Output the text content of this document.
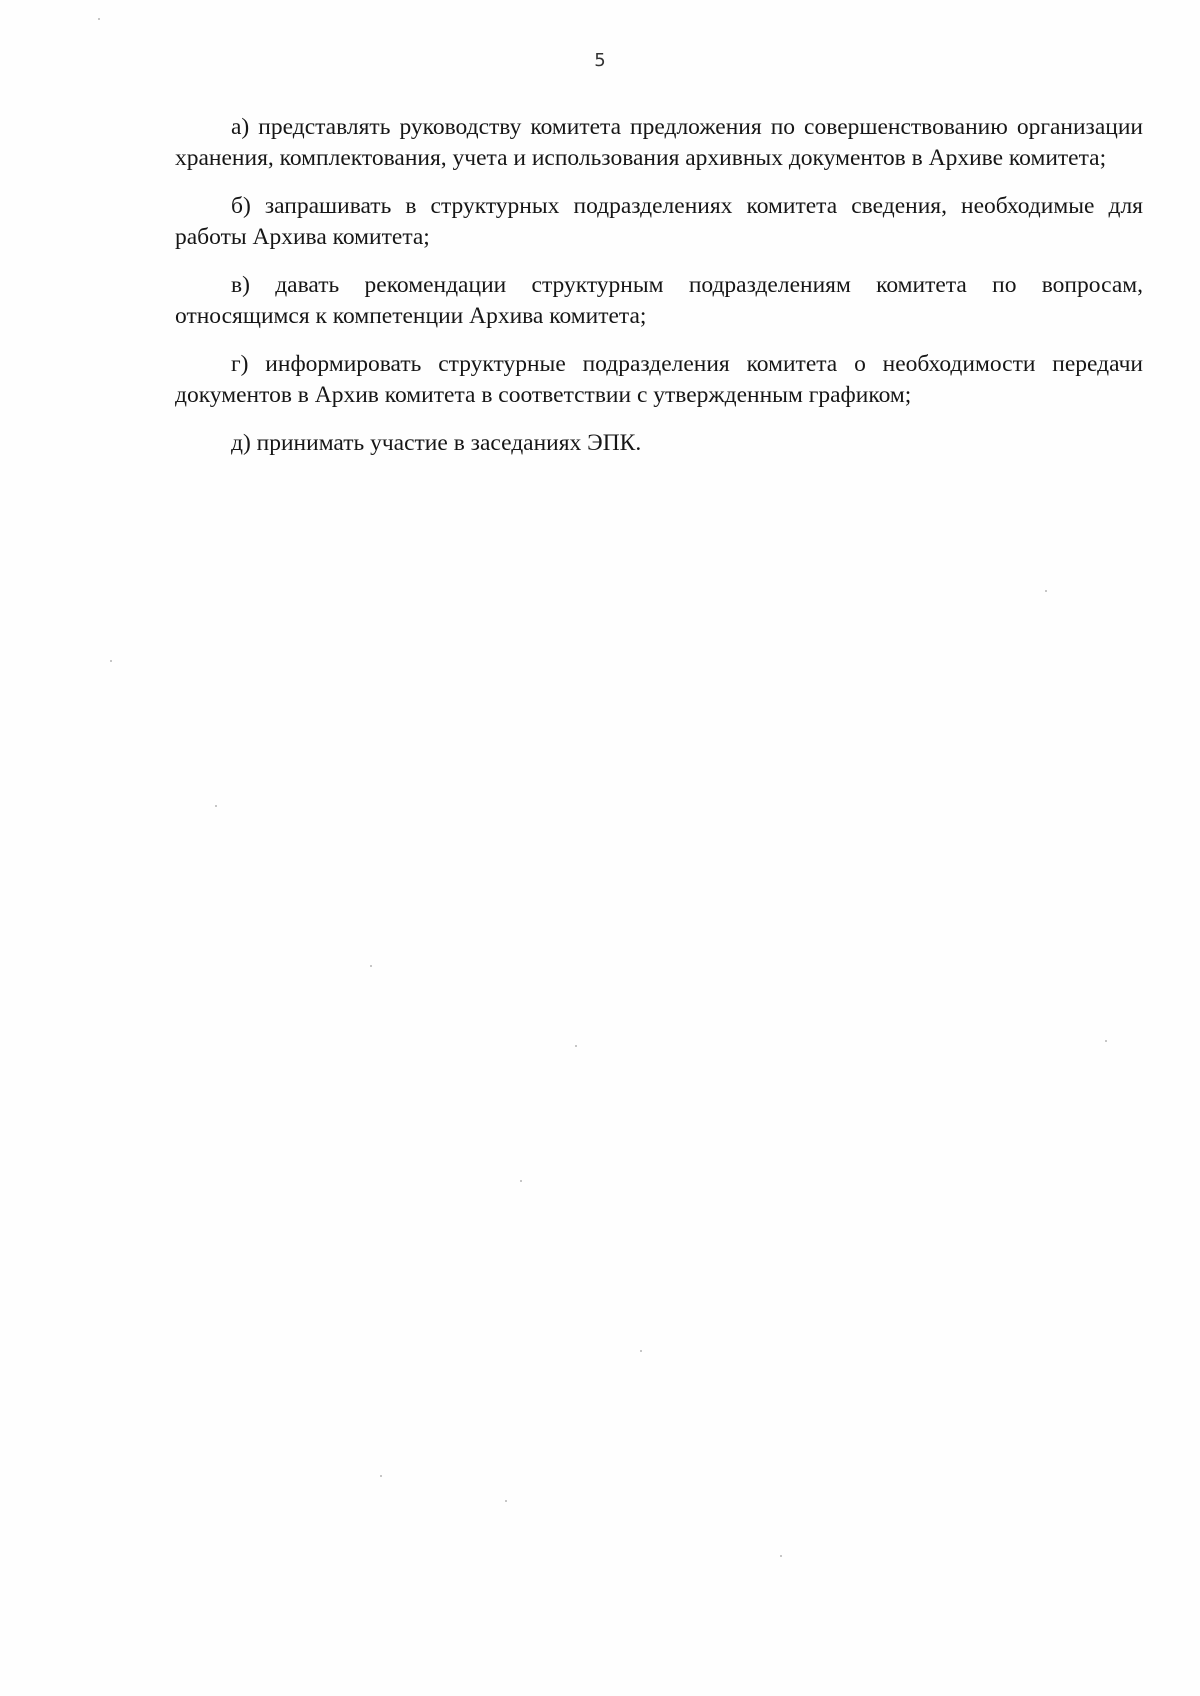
5

а) представлять руководству комитета предложения по совершенствованию организации хранения, комплектования, учета и использования архивных документов в Архиве комитета;

б) запрашивать в структурных подразделениях комитета сведения, необходимые для работы Архива комитета;

в) давать рекомендации структурным подразделениям комитета по вопросам, относящимся к компетенции Архива комитета;

г) информировать структурные подразделения комитета о необходимости передачи документов в Архив комитета в соответствии с утвержденным графиком;

д) принимать участие в заседаниях ЭПК.
